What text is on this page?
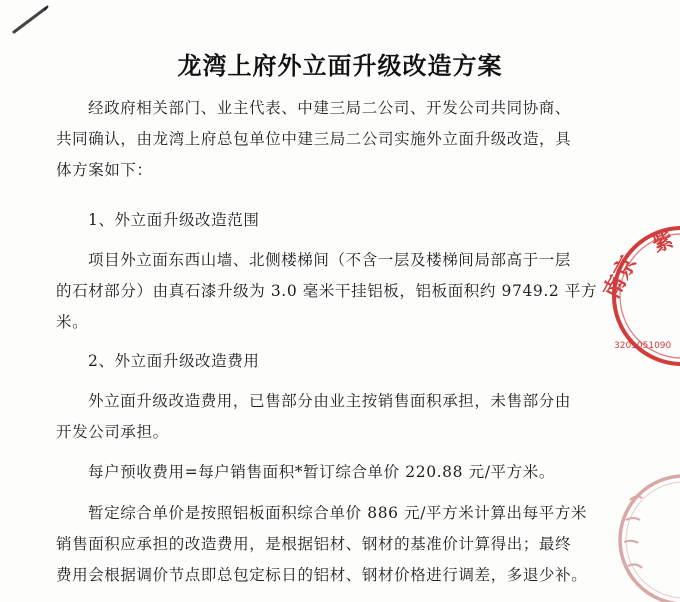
龙湾上府外立面升级改造方案
经政府相关部门、业主代表、中建三局二公司、开发公司共同协商、
共同确认，由龙湾上府总包单位中建三局二公司实施外立面升级改造，具
体方案如下：
1、外立面升级改造范围
项目外立面东西山墙、北侧楼梯间（不含一层及楼梯间局部高于一层
的石材部分）由真石漆升级为 3.0 毫米干挂铝板，铝板面积约 9749.2 平方
米。
2、外立面升级改造费用
外立面升级改造费用，已售部分由业主按销售面积承担，未售部分由
开发公司承担。
每户预收费用=每户销售面积*暂订综合单价 220.88 元/平方米。
暂定综合单价是按照铝板面积综合单价 886 元/平方米计算出每平方米
销售面积应承担的改造费用，是根据铝材、钢材的基准价计算得出；最终
费用会根据调价节点即总包定标日的铝材、钢材价格进行调差，多退少补。
南京
紫
3201051090
